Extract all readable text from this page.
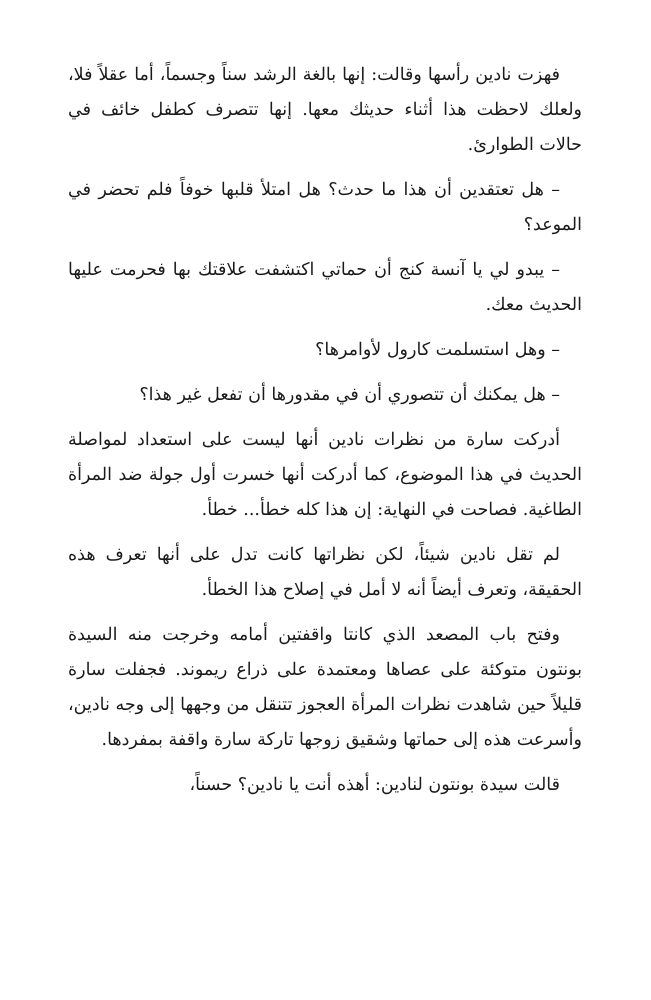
فهزت نادين رأسها وقالت: إنها بالغة الرشد سناً وجسماً، أما عقلاً فلا، ولعلك لاحظت هذا أثناء حديثك معها. إنها تتصرف كطفل خائف في حالات الطوارئ.

– هل تعتقدين أن هذا ما حدث؟ هل امتلأ قلبها خوفاً فلم تحضر في الموعد؟

– يبدو لي يا آنسة كنج أن حماتي اكتشفت علاقتك بها فحرمت عليها الحديث معك.

– وهل استسلمت كارول لأوامرها؟

– هل يمكنك أن تتصوري أن في مقدورها أن تفعل غير هذا؟

أدركت سارة من نظرات نادين أنها ليست على استعداد لمواصلة الحديث في هذا الموضوع، كما أدركت أنها خسرت أول جولة ضد المرأة الطاغية. فصاحت في النهاية: إن هذا كله خطأ... خطأ.

لم تقل نادين شيئاً، لكن نظراتها كانت تدل على أنها تعرف هذه الحقيقة، وتعرف أيضاً أنه لا أمل في إصلاح هذا الخطأ.

وفتح باب المصعد الذي كانتا واقفتين أمامه وخرجت منه السيدة بونتون متوكئة على عصاها ومعتمدة على ذراع ريموند. فجفلت سارة قليلاً حين شاهدت نظرات المرأة العجوز تتنقل من وجهها إلى وجه نادين، وأسرعت هذه إلى حماتها وشقيق زوجها تاركة سارة واقفة بمفردها.

قالت سيدة بونتون لنادين: أهذه أنت يا نادين؟ حسناً،
